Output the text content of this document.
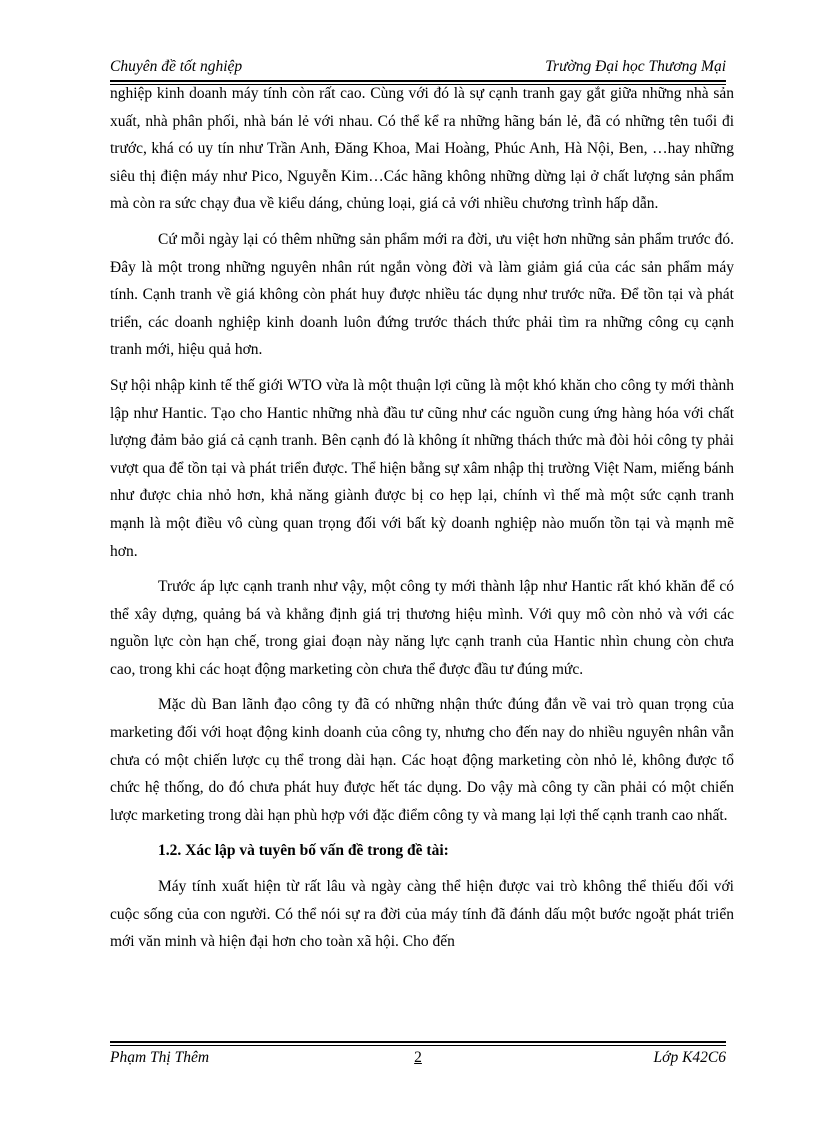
Chuyên đề tốt nghiệp	Trường Đại học Thương Mại

nghiệp kinh doanh máy tính còn rất cao. Cùng với đó là sự cạnh tranh gay gắt giữa những nhà sản xuất, nhà phân phối, nhà bán lẻ với nhau. Có thể kể ra những hãng bán lẻ, đã có những tên tuổi đi trước, khá có uy tín như Trần Anh, Đăng Khoa, Mai Hoàng, Phúc Anh, Hà Nội, Ben, …hay những siêu thị điện máy như Pico, Nguyễn Kim…Các hãng không những dừng lại ở chất lượng sản phẩm mà còn ra sức chạy đua về kiểu dáng, chủng loại, giá cả với nhiều chương trình hấp dẫn.

Cứ mỗi ngày lại có thêm những sản phẩm mới ra đời, ưu việt hơn những sản phẩm trước đó. Đây là một trong những nguyên nhân rút ngắn vòng đời và làm giảm giá của các sản phẩm máy tính. Cạnh tranh về giá không còn phát huy được nhiều tác dụng như trước nữa. Để tồn tại và phát triển, các doanh nghiệp kinh doanh luôn đứng trước thách thức phải tìm ra những công cụ cạnh tranh mới, hiệu quả hơn.

Sự hội nhập kinh tế thế giới WTO vừa là một thuận lợi cũng là một khó khăn cho công ty mới thành lập như Hantic. Tạo cho Hantic những nhà đầu tư cũng như các nguồn cung ứng hàng hóa với chất lượng đảm bảo giá cả cạnh tranh. Bên cạnh đó là không ít những thách thức mà đòi hỏi công ty phải vượt qua để tồn tại và phát triển được. Thể hiện bằng sự xâm nhập thị trường Việt Nam, miếng bánh như được chia nhỏ hơn, khả năng giành được bị co hẹp lại, chính vì thế mà một sức cạnh tranh mạnh là một điều vô cùng quan trọng đối với bất kỳ doanh nghiệp nào muốn tồn tại và mạnh mẽ hơn.

Trước áp lực cạnh tranh như vậy, một công ty mới thành lập như Hantic rất khó khăn để có thể xây dựng, quảng bá và khẳng định giá trị thương hiệu mình. Với quy mô còn nhỏ và với các nguồn lực còn hạn chế, trong giai đoạn này năng lực cạnh tranh của Hantic nhìn chung còn chưa cao, trong khi các hoạt động marketing còn chưa thể được đầu tư đúng mức.

Mặc dù Ban lãnh đạo công ty đã có những nhận thức đúng đắn về vai trò quan trọng của marketing đối với hoạt động kinh doanh của công ty, nhưng cho đến nay do nhiều nguyên nhân vẫn chưa có một chiến lược cụ thể trong dài hạn. Các hoạt động marketing còn nhỏ lẻ, không được tổ chức hệ thống, do đó chưa phát huy được hết tác dụng. Do vậy mà công ty cần phải có một chiến lược marketing trong dài hạn phù hợp với đặc điểm công ty và mang lại lợi thế cạnh tranh cao nhất.

1.2. Xác lập và tuyên bố vấn đề trong đề tài:

Máy tính xuất hiện từ rất lâu và ngày càng thể hiện được vai trò không thể thiếu đối với cuộc sống của con người. Có thể nói sự ra đời của máy tính đã đánh dấu một bước ngoặt phát triển mới văn minh và hiện đại hơn cho toàn xã hội. Cho đến

Phạm Thị Thêm	2	Lớp K42C6
